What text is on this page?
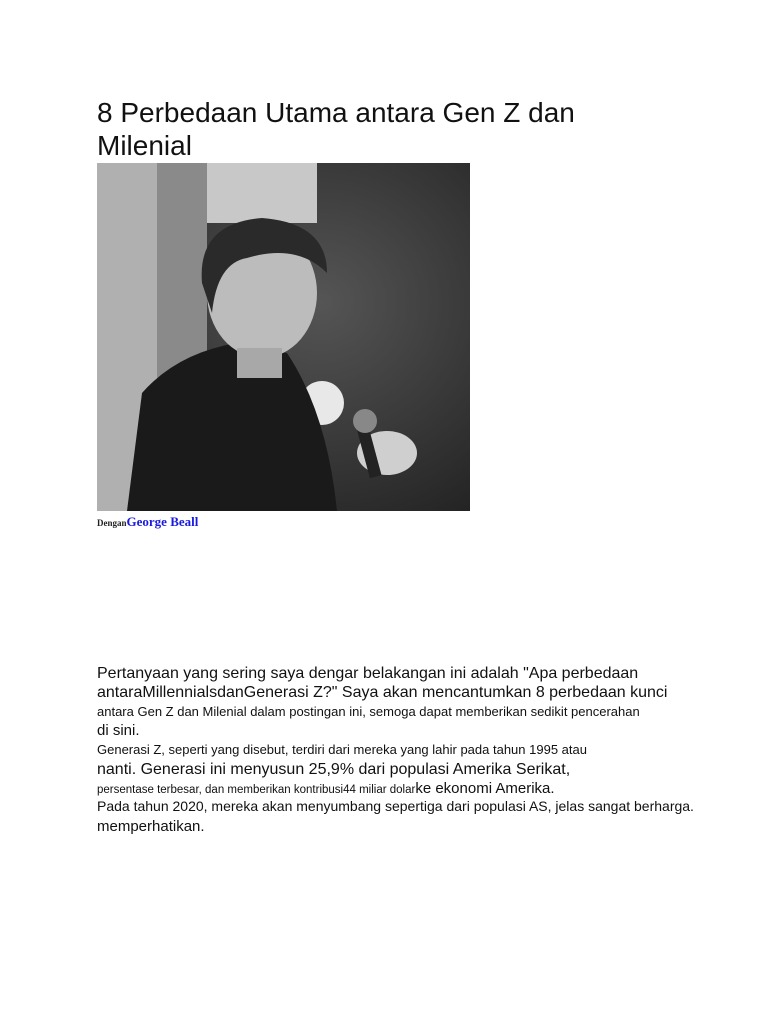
8 Perbedaan Utama antara Gen Z dan Milenial
DenganGeorge Beall
Pertanyaan yang sering saya dengar belakangan ini adalah "Apa perbedaan
antaraMillennialsdanGenerasi Z?" Saya akan mencantumkan 8 perbedaan kunci
antara Gen Z dan Milenial dalam postingan ini, semoga dapat memberikan sedikit pencerahan
di sini.
Generasi Z, seperti yang disebut, terdiri dari mereka yang lahir pada tahun 1995 atau
nanti. Generasi ini menyusun 25,9% dari populasi Amerika Serikat,
persentase terbesar, dan memberikan kontribusi44 miliar dolarke ekonomi Amerika.
Pada tahun 2020, mereka akan menyumbang sepertiga dari populasi AS, jelas sangat berharga.
memperhatikan.
